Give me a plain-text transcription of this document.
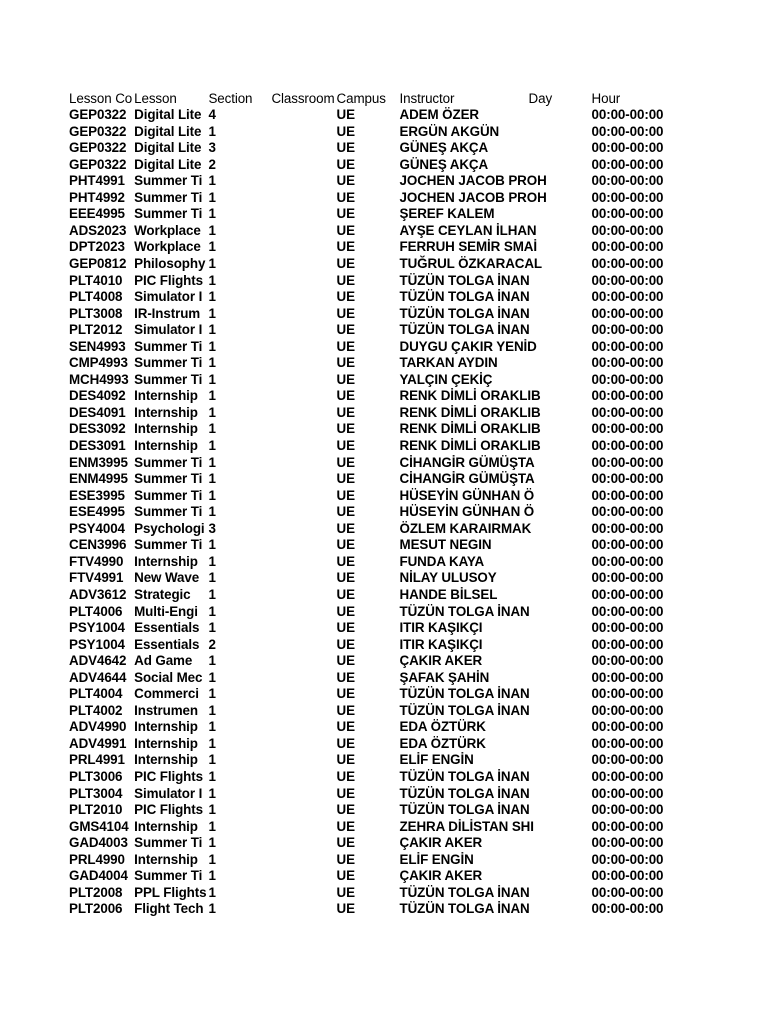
Lesson Co	Lesson	Section	Classroom	Campus	Instructor	Day	Hour
GEP0322	Digital Lite	4		UE	ADEM ÖZER		00:00-00:00
GEP0322	Digital Lite	1		UE	ERGÜN AKGÜN		00:00-00:00
GEP0322	Digital Lite	3		UE	GÜNEŞ AKÇA		00:00-00:00
GEP0322	Digital Lite	2		UE	GÜNEŞ AKÇA		00:00-00:00
PHT4991	Summer Ti	1		UE	JOCHEN JACOB PROH		00:00-00:00
PHT4992	Summer Ti	1		UE	JOCHEN JACOB PROH		00:00-00:00
EEE4995	Summer Ti	1		UE	ŞEREF KALEM		00:00-00:00
ADS2023	Workplace	1		UE	AYŞE CEYLAN İLHAN		00:00-00:00
DPT2023	Workplace	1		UE	FERRUH SEMİR SMAİ		00:00-00:00
GEP0812	Philosophy	1		UE	TUĞRUL ÖZKARACAL		00:00-00:00
PLT4010	PIC Flights	1		UE	TÜZÜN TOLGA İNAN		00:00-00:00
PLT4008	Simulator I	1		UE	TÜZÜN TOLGA İNAN		00:00-00:00
PLT3008	IR-Instrum	1		UE	TÜZÜN TOLGA İNAN		00:00-00:00
PLT2012	Simulator I	1		UE	TÜZÜN TOLGA İNAN		00:00-00:00
SEN4993	Summer Ti	1		UE	DUYGU ÇAKIR YENİD		00:00-00:00
CMP4993	Summer Ti	1		UE	TARKAN AYDIN		00:00-00:00
MCH4993	Summer Ti	1		UE	YALÇIN ÇEKİÇ		00:00-00:00
DES4092	Internship	1		UE	RENK DİMLİ ORAKLIB		00:00-00:00
DES4091	Internship	1		UE	RENK DİMLİ ORAKLIB		00:00-00:00
DES3092	Internship	1		UE	RENK DİMLİ ORAKLIB		00:00-00:00
DES3091	Internship	1		UE	RENK DİMLİ ORAKLIB		00:00-00:00
ENM3995	Summer Ti	1		UE	CİHANGİR GÜMÜŞTA		00:00-00:00
ENM4995	Summer Ti	1		UE	CİHANGİR GÜMÜŞTA		00:00-00:00
ESE3995	Summer Ti	1		UE	HÜSEYİN GÜNHAN Ö		00:00-00:00
ESE4995	Summer Ti	1		UE	HÜSEYİN GÜNHAN Ö		00:00-00:00
PSY4004	Psychologi	3		UE	ÖZLEM KARAIRMAK		00:00-00:00
CEN3996	Summer Ti	1		UE	MESUT NEGIN		00:00-00:00
FTV4990	Internship	1		UE	FUNDA KAYA		00:00-00:00
FTV4991	New Wave	1		UE	NİLAY ULUSOY		00:00-00:00
ADV3612	Strategic	1		UE	HANDE BİLSEL		00:00-00:00
PLT4006	Multi-Engi	1		UE	TÜZÜN TOLGA İNAN		00:00-00:00
PSY1004	Essentials	1		UE	ITIR KAŞIKÇI		00:00-00:00
PSY1004	Essentials	2		UE	ITIR KAŞIKÇI		00:00-00:00
ADV4642	Ad Game	1		UE	ÇAKIR AKER		00:00-00:00
ADV4644	Social Mec	1		UE	ŞAFAK ŞAHİN		00:00-00:00
PLT4004	Commerci	1		UE	TÜZÜN TOLGA İNAN		00:00-00:00
PLT4002	Instrumen	1		UE	TÜZÜN TOLGA İNAN		00:00-00:00
ADV4990	Internship	1		UE	EDA ÖZTÜRK		00:00-00:00
ADV4991	Internship	1		UE	EDA ÖZTÜRK		00:00-00:00
PRL4991	Internship	1		UE	ELİF ENGİN		00:00-00:00
PLT3006	PIC Flights	1		UE	TÜZÜN TOLGA İNAN		00:00-00:00
PLT3004	Simulator I	1		UE	TÜZÜN TOLGA İNAN		00:00-00:00
PLT2010	PIC Flights	1		UE	TÜZÜN TOLGA İNAN		00:00-00:00
GMS4104	Internship	1		UE	ZEHRA DİLİSTAN SHI		00:00-00:00
GAD4003	Summer Ti	1		UE	ÇAKIR AKER		00:00-00:00
PRL4990	Internship	1		UE	ELİF ENGİN		00:00-00:00
GAD4004	Summer Ti	1		UE	ÇAKIR AKER		00:00-00:00
PLT2008	PPL Flights	1		UE	TÜZÜN TOLGA İNAN		00:00-00:00
PLT2006	Flight Tech	1		UE	TÜZÜN TOLGA İNAN		00:00-00:00
